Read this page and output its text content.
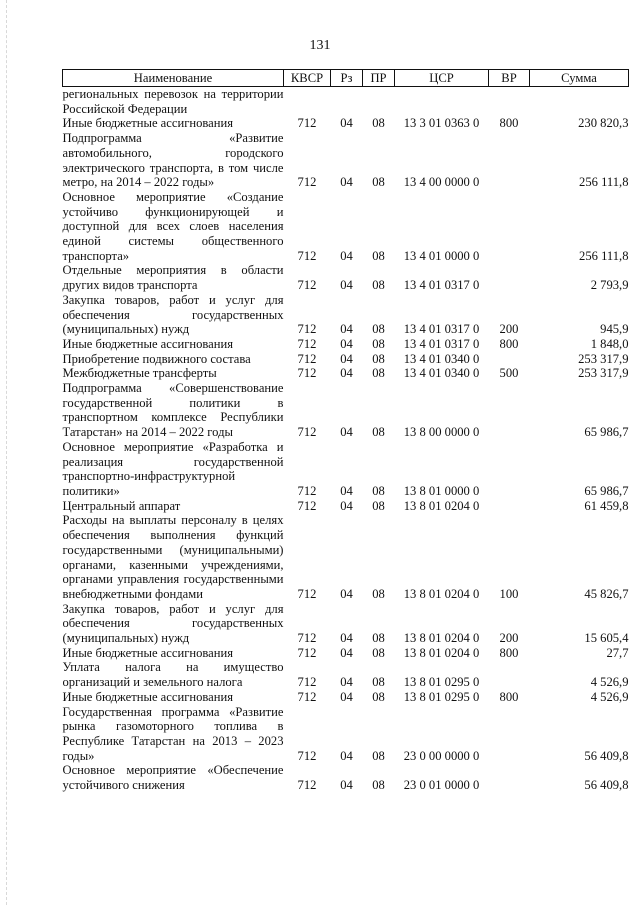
131
Наименование	КВСР	Рз	ПР	ЦСР	ВР	Сумма

региональных перевозок на территории Российской Федерации						

Иные бюджетные ассигнования	712	04	08	13 3 01 0363 0	800	230 820,3

Подпрограмма «Развитие автомобильного, городского электрического транспорта, в том числе метро, на 2014 – 2022 годы»	712	04	08	13 4 00 0000 0		256 111,8

Основное мероприятие «Создание устойчиво функционирующей и доступной для всех слоев населения единой системы общественного транспорта»	712	04	08	13 4 01 0000 0		256 111,8

Отдельные мероприятия в области других видов транспорта	712	04	08	13 4 01 0317 0		2 793,9

Закупка товаров, работ и услуг для обеспечения государственных (муниципальных) нужд	712	04	08	13 4 01 0317 0	200	945,9

Иные бюджетные ассигнования	712	04	08	13 4 01 0317 0	800	1 848,0

Приобретение подвижного состава	712	04	08	13 4 01 0340 0		253 317,9

Межбюджетные трансферты	712	04	08	13 4 01 0340 0	500	253 317,9

Подпрограмма «Совершенствование государственной политики в транспортном комплексе Республики Татарстан» на 2014 – 2022 годы	712	04	08	13 8 00 0000 0		65 986,7

Основное мероприятие «Разработка и реализация государственной транспортно-инфраструктурной политики»	712	04	08	13 8 01 0000 0		65 986,7

Центральный аппарат	712	04	08	13 8 01 0204 0		61 459,8

Расходы на выплаты персоналу в целях обеспечения выполнения функций государственными (муниципальными) органами, казенными учреждениями, органами управления государственными внебюджетными фондами	712	04	08	13 8 01 0204 0	100	45 826,7

Закупка товаров, работ и услуг для обеспечения государственных (муниципальных) нужд	712	04	08	13 8 01 0204 0	200	15 605,4

Иные бюджетные ассигнования	712	04	08	13 8 01 0204 0	800	27,7

Уплата налога на имущество организаций и земельного налога	712	04	08	13 8 01 0295 0		4 526,9

Иные бюджетные ассигнования	712	04	08	13 8 01 0295 0	800	4 526,9

Государственная программа «Развитие рынка газомоторного топлива в Республике Татарстан на 2013 – 2023 годы»	712	04	08	23 0 00 0000 0		56 409,8

Основное мероприятие «Обеспечение устойчивого снижения	712	04	08	23 0 01 0000 0		56 409,8
